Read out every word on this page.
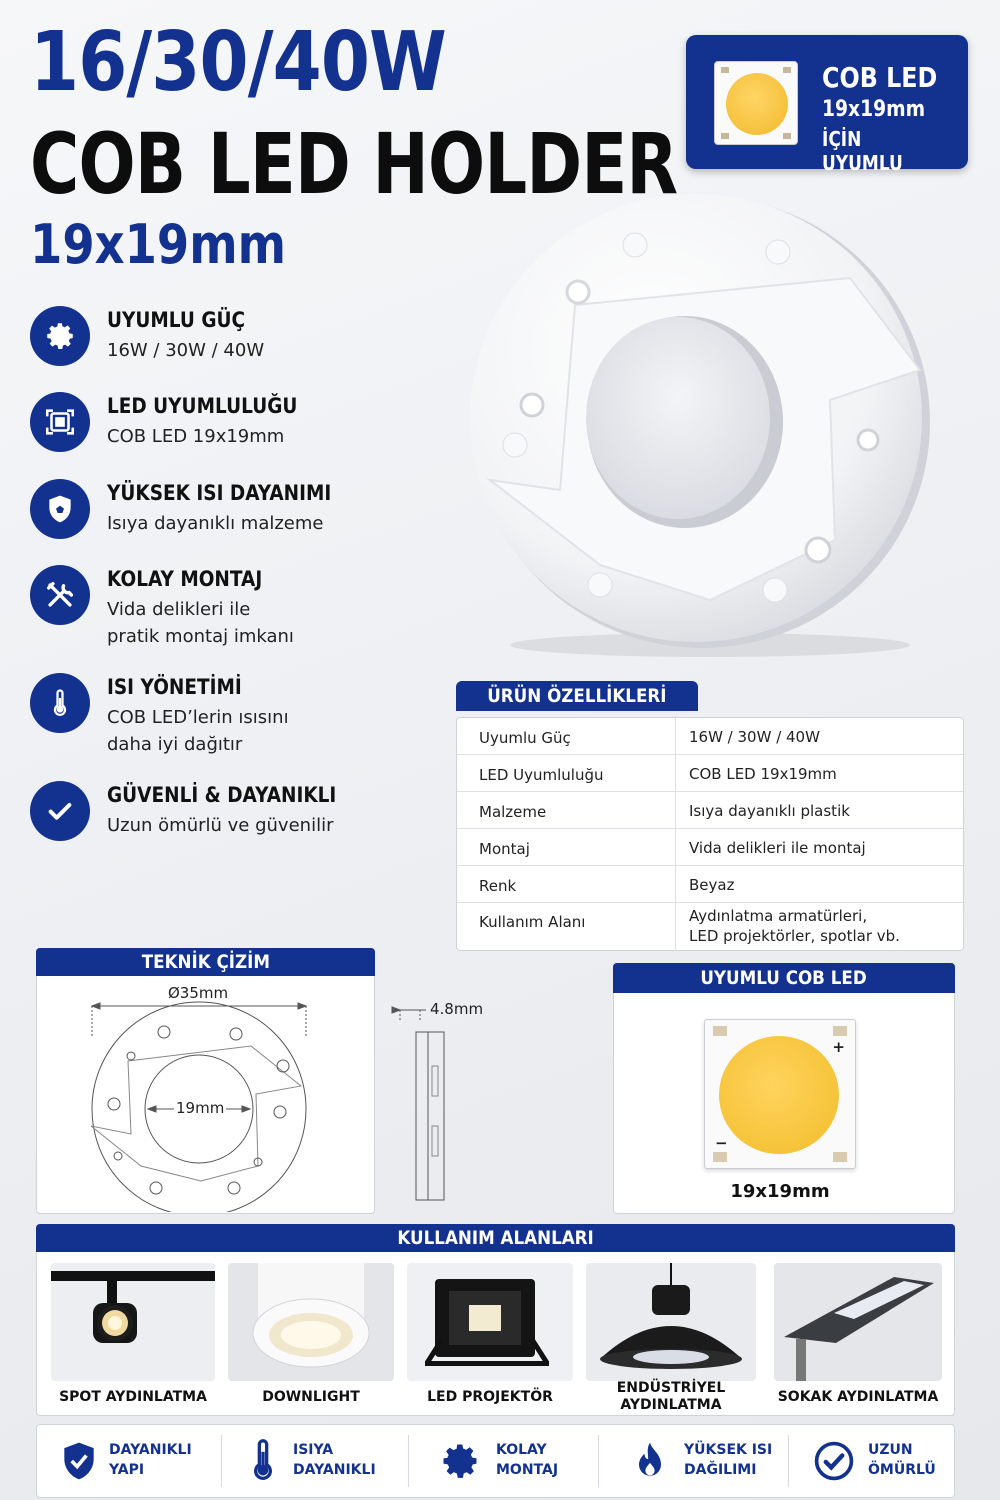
16/30/40W
COB LED HOLDER
19x19mm
COB LED
19x19mm
İÇİN UYUMLU
UYUMLU GÜÇ
16W / 30W / 40W
LED UYUMLULUĞU
COB LED 19x19mm
YÜKSEK ISI DAYANIMI
Isıya dayanıklı malzeme
KOLAY MONTAJ
Vida delikleri ile
pratik montaj imkanı
ISI YÖNETİMİ
COB LED’lerin ısısını
daha iyi dağıtır
GÜVENLİ & DAYANIKLI
Uzun ömürlü ve güvenilir
ÜRÜN ÖZELLİKLERİ
Uyumlu Güç	16W / 30W / 40W
LED Uyumluluğu	COB LED 19x19mm
Malzeme	Isıya dayanıklı plastik
Montaj	Vida delikleri ile montaj
Renk	Beyaz
Kullanım Alanı	Aydınlatma armatürleri,
LED projektörler, spotlar vb.
TEKNİK ÇİZİM
Ø35mm
19mm
4.8mm
UYUMLU COB LED
+
−
19x19mm
KULLANIM ALANLARI
SPOT AYDINLATMA	DOWNLIGHT	LED PROJEKTÖR
ENDÜSTRİYEL
AYDINLATMA	SOKAK AYDINLATMA
DAYANIKLI
YAPI
ISIYA
DAYANIKLI
KOLAY
MONTAJ
YÜKSEK ISI
DAĞILIMI
UZUN
ÖMÜRLÜ
